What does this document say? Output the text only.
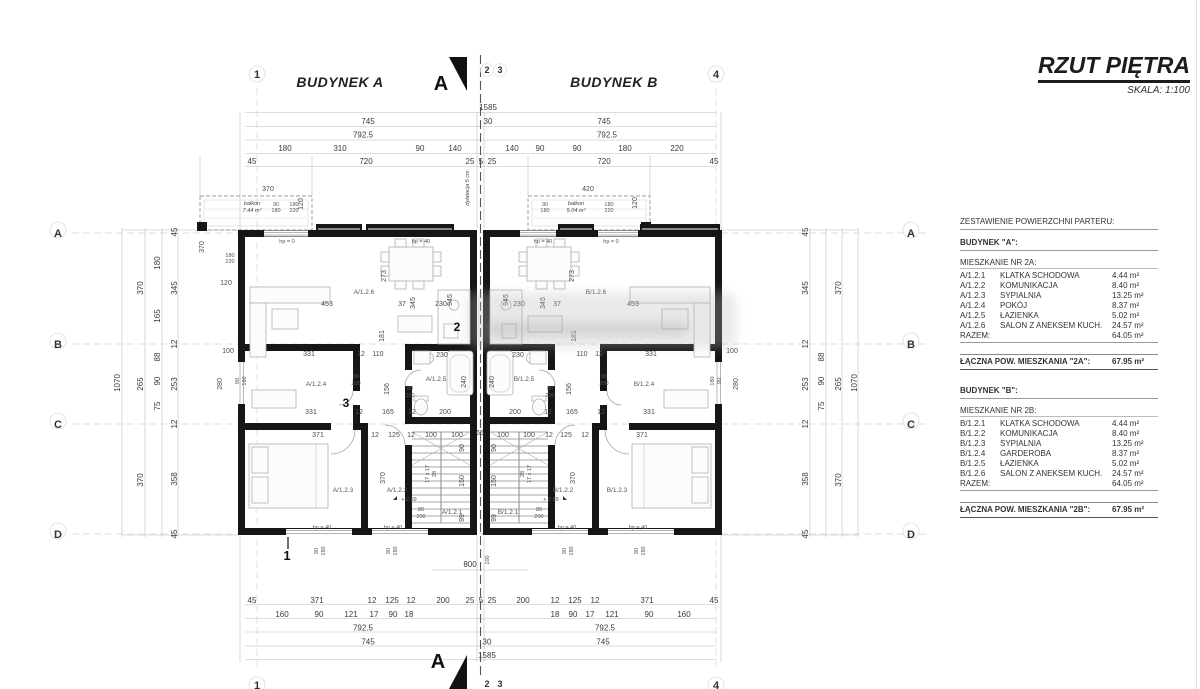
dylatacja 5 cm
1585
745	30	745
792.5	792.5
180	310	90	140	140 90	90	180	220
45	720	25 5 25	720	45
45	371	12 125 12	200 25 5 25 200	12 125 12	371	45
160	90	121 17 90 18	18 90 17 121	90	160
792.5	792.5
745	30	745
1585
800
1070
370
265
370
180
165
88
90
75
45
345
12
253
12
358
45
45
345
12
253
12
358
45
88
90
75
370
265
370
1070
453	37	230	230	37	453
273	273
345	345
945	945
A/1.2.6	B/1.2.6
hp = 0	hp = 40	hp = 40	hp = 0
100	331	12 110
181
230
156
240
230	110 12	331	100
181
156
240
280	280
90 180	90
180
A/1.2.4	B/1.2.4
A/1.2.5	B/1.2.5
80
200
80
200
80
200
80
200
331	12	165 12	200	200	12 165	12	331
371	12 125 12 100 100	100 100 12 125 12	371
90
150
99
90
150
99
65
370	370
A/1.2.3	B/1.2.3
A/1.2.2	B/1.2.2
A/1.2.1	B/1.2.1
+ 2.89	+ 2.89
17 x 17 28	17 x 17
28
80
200
80
200
hp = 40	hp = 40	hp = 40	hp = 40
90 180	90 180	90 180	90 180
100
370
balkon
7.44 m²
90
180
180
220
120
370
180
220
120
420
balkon
5.04 m²
90
180
180
220
120
2
3
1
1	2 3	4
1	2 3	4
A
B
C
D
A
B
C
D
A
A
BUDYNEK A	BUDYNEK B
RZUT PIĘTRA
SKALA: 1:100
ZESTAWIENIE POWIERZCHNI PARTERU:
BUDYNEK "A":
MIESZKANIE NR 2A:
A/1.2.1	KLATKA SCHODOWA	4.44 m²
A/1.2.2	KOMUNIKACJA	8.40 m²
A/1.2.3	SYPIALNIA	13.25 m²
A/1.2.4	POKÓJ	8.37 m²
A/1.2.5	ŁAZIENKA	5.02 m²
A/1.2.6	SALON Z ANEKSEM KUCH.	24.57 m²
RAZEM:	64.05 m²
ŁĄCZNA POW. MIESZKANIA "2A":	67.95 m²
BUDYNEK "B":
MIESZKANIE NR 2B:
B/1.2.1	KLATKA SCHODOWA	4.44 m²
B/1.2.2	KOMUNIKACJA	8.40 m²
B/1.2.3	SYPIALNIA	13.25 m²
B/1.2.4	GARDEROBA	8.37 m²
B/1.2.5	ŁAZIENKA	5.02 m²
B/1.2.6	SALON Z ANEKSEM KUCH.	24.57 m²
RAZEM:	64.05 m²
ŁĄCZNA POW. MIESZKANIA "2B":	67.95 m²
